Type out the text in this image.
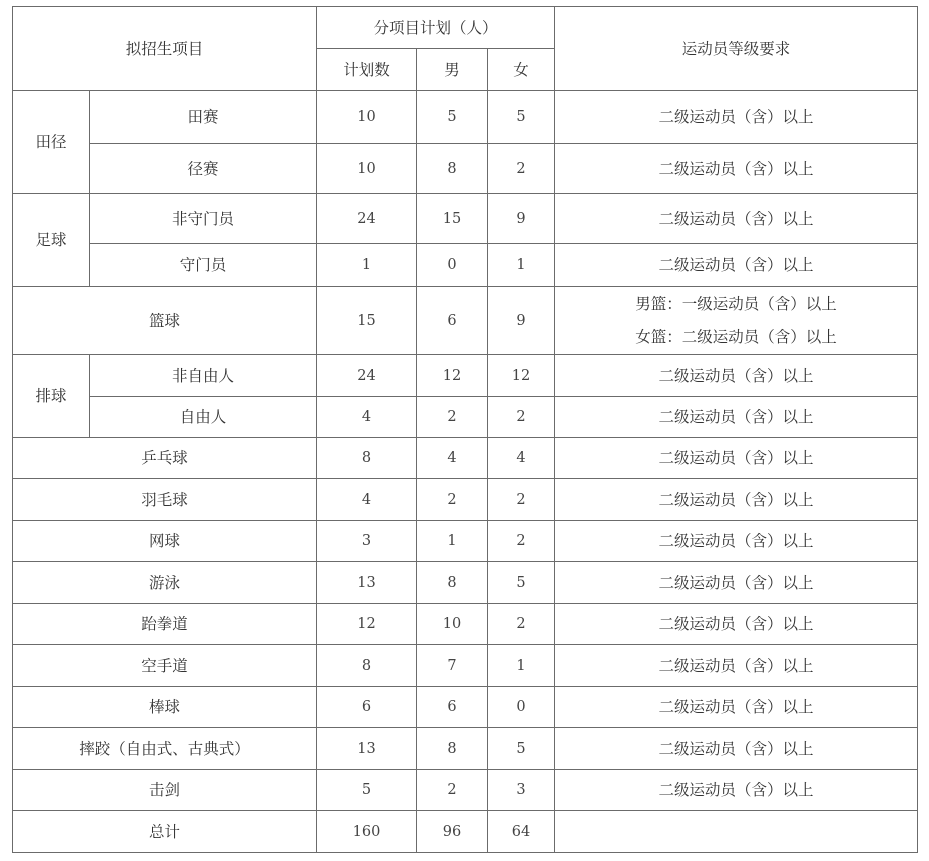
拟招生项目		分项目计划（人）			运动员等级要求
		计划数	男	女	
田径	田赛	10	5	5	二级运动员（含）以上
	径赛	10	8	2	二级运动员（含）以上
足球	非守门员	24	15	9	二级运动员（含）以上
	守门员	1	0	1	二级运动员（含）以上
篮球		15	6	9	男篮：一级运动员（含）以上
女篮：二级运动员（含）以上

排球	非自由人	24	12	12	二级运动员（含）以上
	自由人	4	2	2	二级运动员（含）以上
乒乓球		8	4	4	二级运动员（含）以上
羽毛球		4	2	2	二级运动员（含）以上
网球		3	1	2	二级运动员（含）以上
游泳		13	8	5	二级运动员（含）以上
跆拳道		12	10	2	二级运动员（含）以上
空手道		8	7	1	二级运动员（含）以上
棒球		6	6	0	二级运动员（含）以上
摔跤（自由式、古典式）		13	8	5	二级运动员（含）以上
击剑		5	2	3	二级运动员（含）以上
总计		160	96	64	
